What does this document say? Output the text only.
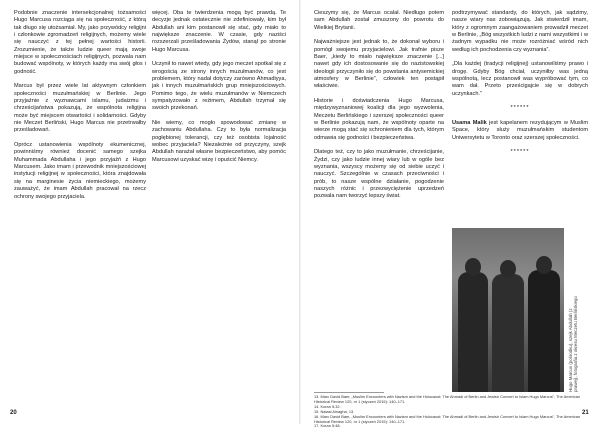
Podobnie znaczenie intersekcjonalnej tożsamości Hugo Marcusa rozciąga się na społeczność, z którą tak długo się utożsamiał. My, jako przywódcy religijni i członkowie zgromadzeń religijnych, możemy wiele się nauczyć z tej pełnej wartości historii. Zrozumienie, że także ludzie queer mają swoje miejsce w społecznościach religijnych, pozwala nam budować wspólnoty, w których każdy ma swój głos i godność.

Marcus był przez wiele lat aktywnym członkiem społeczności muzułmańskiej w Berlinie. Jego przyjaźnie z wyznawcami islamu, judaizmu i chrześcijaństwa pokazują, że wspólnota religijna może być miejscem otwartości i solidarności. Gdyby nie Meczet Berliński, Hugo Marcus nie przetrwałby prześladowań.

Oprócz ustanowienia wspólnoty ekumenicznej, powinniśmy również docenić samego szejka Muhammada Abdullaha i jego przyjaźń z Hugo Marcusem. Jako imam i przewodnik mniejszościowej instytucji religijnej w społeczności, która znajdowała się na marginesie życia niemieckiego, możemy zauważyć, że imam Abdullah pracował na rzecz ochrony swojego przyjaciela.

więcej. Oba te twierdzenia mogą być prawdą. Te decyzje jednak ostatecznie nie zdefiniowały, kim był Abdullah ani kim postanowił się stać, gdy miało to największe znaczenie. W czasie, gdy naziści rozszerzali prześladowania Żydów, stanął po stronie Hugo Marcusa.

Uczynił to nawet wtedy, gdy jego meczet spotkał się z wrogością ze strony innych muzułmanów, co jest problemem, który nadal dotyczy zarówno Ahmadiyya, jak i innych muzułmańskich grup mniejszościowych. Pomimo tego, że wielu muzułmanów w Niemczech sympatyzowało z reżimem, Abdullah trzymał się swoich przekonań.

Nie wiemy, co mogło spowodować zmianę w zachowaniu Abdullaha. Czy to była normalizacja pogłębionej tolerancji, czy też osobista lojalność wobec przyjaciela? Niezależnie od przyczyny, szejk Abdullah narażał własne bezpieczeństwo, aby pomóc Marcusowi uzyskać wizę i opuścić Niemcy.

Cieszymy się, że Marcus ocalał. Niedługo potem sam Abdullah został zmuszony do powrotu do Wielkiej Brytanii.

Najważniejsze jest jednak to, że dokonał wyboru i pomógł swojemu przyjacielowi. Jak trafnie pisze Baer, „kiedy to miało największe znaczenie [...] nawet gdy ich dostosowanie się do nazistowskiej ideologii przyczyniło się do powstania antysemickiej atmosfery w Berlinie”, człowiek ten postąpił właściwie.

Historie i doświadczenia Hugo Marcusa, międzywyznaniowej koalicji dla jego wyzwolenia, Meczetu Berlińskiego i szerszej społeczności queer w Berlinie pokazują nam, że wspólnoty oparte na wierze mogą stać się schronieniem dla tych, którym odmawia się godności i bezpieczeństwa.

Dlatego też, czy to jako muzułmanie, chrześcijanie, Żydzi, czy jako ludzie innej wiary lub w ogóle bez wyznania, wszyscy możemy się od siebie uczyć i nauczyć. Szczególnie w czasach przeciwności i prób, to nasze wspólne działanie, pogodzenie naszych różnic i przezwyciężenie uprzedzeń pozwala nam tworzyć lepszy świat.

podtrzymywać standardy, do których, jak sądzimy, nasze wiary nas zobowiązują. Jak stwierdził imam, który z ogromnym zaangażowaniem prowadził meczet w Berlinie, „Bóg wszystkich ludzi z nami wszystkimi i w żadnym wypadku nie może rozróżniać wśród nich według ich pochodzenia czy wyznania”.

„Dla każdej (tradycji religijnej) ustanowiliśmy prawo i drogę. Gdyby Bóg chciał, uczyniłby was jedną wspólnotą, lecz postanowił was wypróbować tym, co wam dał. Przeto prześcigajcie się w dobrych uczynkach.”

******

Usama Malik jest kapelanem rezydującym w Muslim Space, który służy muzułmańskim studentom Uniwersytetu w Toronto oraz szerszej społeczności.

******

Hugo Marcus (pośrodku), szejk Abdullah (z prawej), fotografia z okresu Meczetu Berlińskiego
13. Marc David Baer, „Muslim Encounters with Nazism and the Holocaust: The Ahmadi of Berlin and Jewish Convert to Islam Hugo Marcus”, The American Historical Review 120, nr 1 (styczeń 2015): 140–171.
14. Koran 5:32.
15. Natasi Ainagha, 13.
16. Marc David Baer, „Muslim Encounters with Nazism and the Holocaust: The Ahmadi of Berlin and Jewish Convert to Islam Hugo Marcus”, The American Historical Review 120, nr 1 (styczeń 2015): 140–171.
17. Koran 5:48.
20	21
